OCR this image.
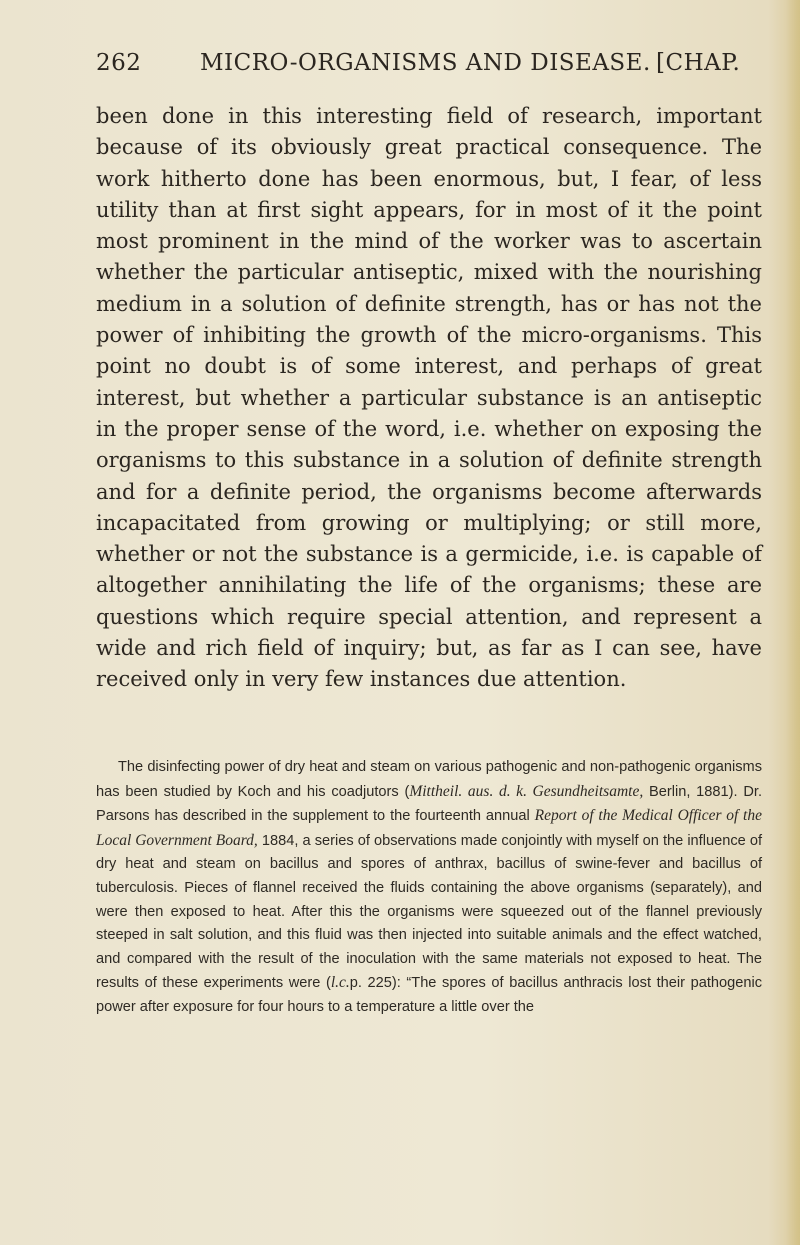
262	MICRO-ORGANISMS AND DISEASE. [CHAP.

been done in this interesting field of research, important because of its obviously great practical consequence. The work hitherto done has been enormous, but, I fear, of less utility than at first sight appears, for in most of it the point most prominent in the mind of the worker was to ascertain whether the particular antiseptic, mixed with the nourishing medium in a solution of definite strength, has or has not the power of inhibiting the growth of the micro-organisms. This point no doubt is of some interest, and perhaps of great interest, but whether a particular substance is an antiseptic in the proper sense of the word, i.e. whether on exposing the organisms to this substance in a solution of definite strength and for a definite period, the organisms become afterwards incapacitated from growing or multiplying; or still more, whether or not the substance is a germicide, i.e. is capable of altogether annihilating the life of the organisms; these are questions which require special attention, and represent a wide and rich field of inquiry; but, as far as I can see, have received only in very few instances due attention.

The disinfecting power of dry heat and steam on various pathogenic and non-pathogenic organisms has been studied by Koch and his coadjutors (Mittheil. aus. d. k. Gesundheitsamte, Berlin, 1881). Dr. Parsons has described in the supplement to the fourteenth annual Report of the Medical Officer of the Local Government Board, 1884, a series of observations made conjointly with myself on the influence of dry heat and steam on bacillus and spores of anthrax, bacillus of swine-fever and bacillus of tuberculosis. Pieces of flannel received the fluids containing the above organisms (separately), and were then exposed to heat. After this the organisms were squeezed out of the flannel previously steeped in salt solution, and this fluid was then injected into suitable animals and the effect watched, and compared with the result of the inoculation with the same materials not exposed to heat. The results of these experiments were (l.c.p. 225): “The spores of bacillus anthracis lost their pathogenic power after exposure for four hours to a temperature a little over the
